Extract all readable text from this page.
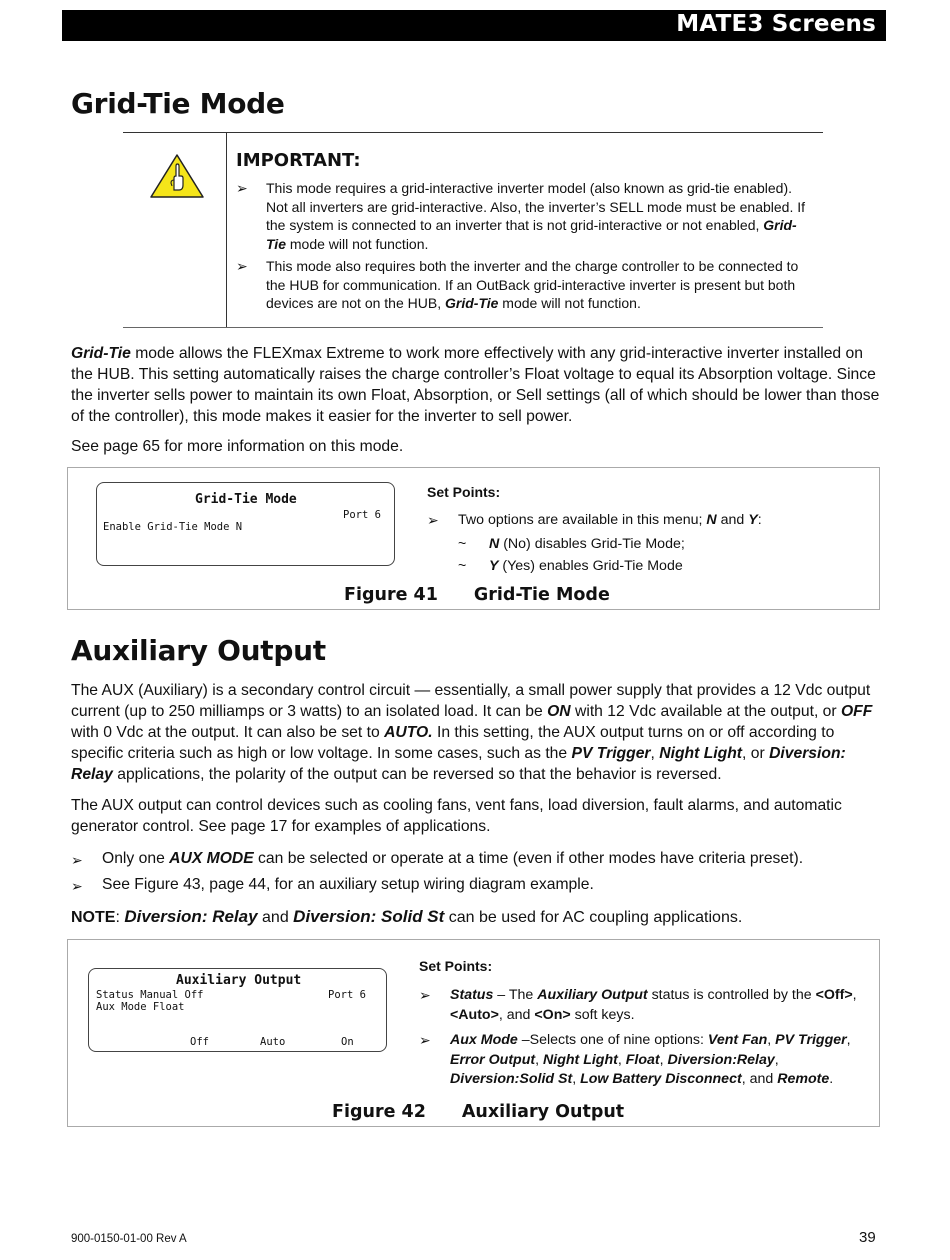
MATE3 Screens
Grid-Tie Mode
IMPORTANT:
➢ This mode requires a grid-interactive inverter model (also known as grid-tie enabled). Not all inverters are grid-interactive. Also, the inverter’s SELL mode must be enabled. If the system is connected to an inverter that is not grid-interactive or not enabled, Grid-Tie mode will not function.
➢ This mode also requires both the inverter and the charge controller to be connected to the HUB for communication. If an OutBack grid-interactive inverter is present but both devices are not on the HUB, Grid-Tie mode will not function.

Grid-Tie mode allows the FLEXmax Extreme to work more effectively with any grid-interactive inverter installed on the HUB. This setting automatically raises the charge controller’s Float voltage to equal its Absorption voltage. Since the inverter sells power to maintain its own Float, Absorption, or Sell settings (all of which should be lower than those of the controller), this mode makes it easier for the inverter to sell power.

See page 65 for more information on this mode.

Grid-Tie Mode
Port 6
Enable Grid-Tie Mode N
Set Points:
➢ Two options are available in this menu; N and Y:
~ N (No) disables Grid-Tie Mode;
~ Y (Yes) enables Grid-Tie Mode
Figure 41 Grid-Tie Mode
Auxiliary Output

The AUX (Auxiliary) is a secondary control circuit — essentially, a small power supply that provides a 12 Vdc output current (up to 250 milliamps or 3 watts) to an isolated load. It can be ON with 12 Vdc available at the output, or OFF with 0 Vdc at the output. It can also be set to AUTO. In this setting, the AUX output turns on or off according to specific criteria such as high or low voltage. In some cases, such as the PV Trigger, Night Light, or Diversion: Relay applications, the polarity of the output can be reversed so that the behavior is reversed.

The AUX output can control devices such as cooling fans, vent fans, load diversion, fault alarms, and automatic generator control. See page 17 for examples of applications.

➢ Only one AUX MODE can be selected or operate at a time (even if other modes have criteria preset).
➢ See Figure 43, page 44, for an auxiliary setup wiring diagram example.

NOTE: Diversion: Relay and Diversion: Solid St can be used for AC coupling applications.

Auxiliary Output
Status Manual Off	Port 6
Aux Mode Float
Off	Auto	On
Set Points:
➢ Status – The Auxiliary Output status is controlled by the <Off>, <Auto>, and <On> soft keys.
➢ Aux Mode –Selects one of nine options: Vent Fan, PV Trigger, Error Output, Night Light, Float, Diversion:Relay, Diversion:Solid St, Low Battery Disconnect, and Remote.
Figure 42 Auxiliary Output
900-0150-01-00 Rev A	39
